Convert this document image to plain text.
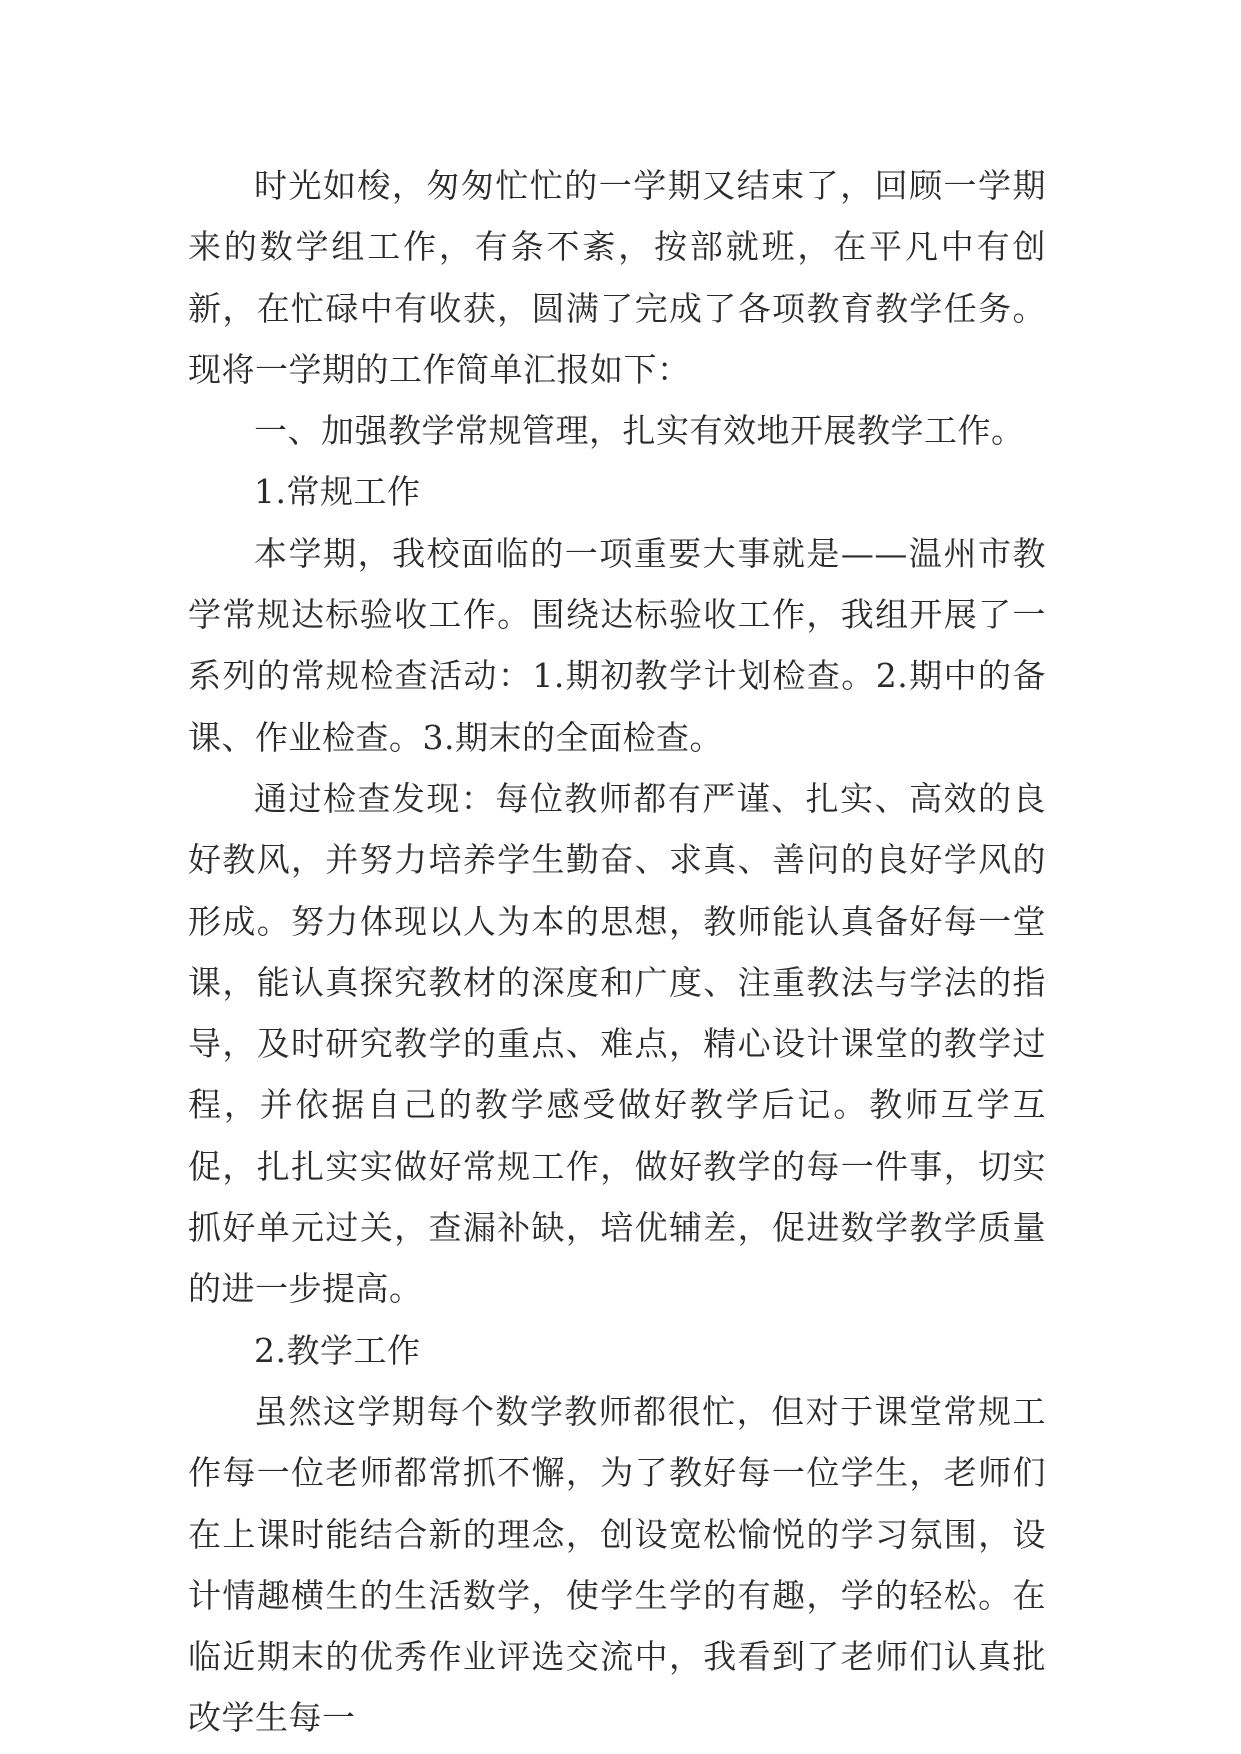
时光如梭，匆匆忙忙的一学期又结束了，回顾一学期来的数学组工作，有条不紊，按部就班，在平凡中有创新，在忙碌中有收获，圆满了完成了各项教育教学任务。现将一学期的工作简单汇报如下：

一、加强教学常规管理，扎实有效地开展教学工作。

1.常规工作

本学期，我校面临的一项重要大事就是——温州市教学常规达标验收工作。围绕达标验收工作，我组开展了一系列的常规检查活动：1.期初教学计划检查。2.期中的备课、作业检查。3.期末的全面检查。

通过检查发现：每位教师都有严谨、扎实、高效的良好教风，并努力培养学生勤奋、求真、善问的良好学风的形成。努力体现以人为本的思想，教师能认真备好每一堂课，能认真探究教材的深度和广度、注重教法与学法的指导，及时研究教学的重点、难点，精心设计课堂的教学过程，并依据自己的教学感受做好教学后记。教师互学互促，扎扎实实做好常规工作，做好教学的每一件事，切实抓好单元过关，查漏补缺，培优辅差，促进数学教学质量的进一步提高。

2.教学工作

虽然这学期每个数学教师都很忙，但对于课堂常规工作每一位老师都常抓不懈，为了教好每一位学生，老师们在上课时能结合新的理念，创设宽松愉悦的学习氛围，设计情趣横生的生活数学，使学生学的有趣，学的轻松。在临近期末的优秀作业评选交流中，我看到了老师们认真批改学生每一
